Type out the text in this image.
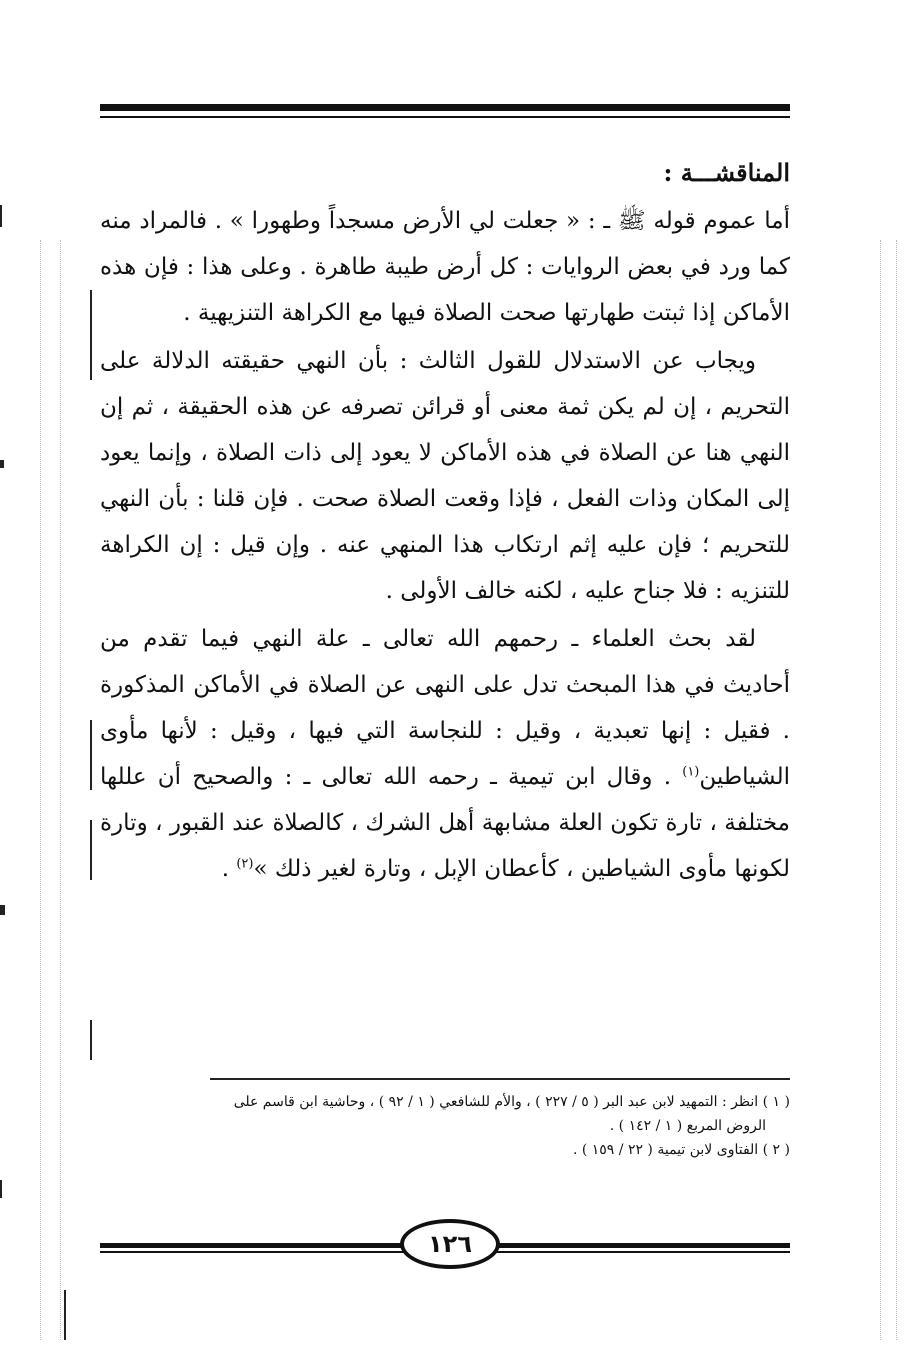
المناقشـــة :

أما عموم قوله ﷺ ـ : « جعلت لي الأرض مسجداً وطهورا » . فالمراد منه كما ورد في بعض الروايات : كل أرض طيبة طاهرة . وعلى هذا : فإن هذه الأماكن إذا ثبتت طهارتها صحت الصلاة فيها مع الكراهة التنزيهية .

ويجاب عن الاستدلال للقول الثالث : بأن النهي حقيقته الدلالة على التحريم ، إن لم يكن ثمة معنى أو قرائن تصرفه عن هذه الحقيقة ، ثم إن النهي هنا عن الصلاة في هذه الأماكن لا يعود إلى ذات الصلاة ، وإنما يعود إلى المكان وذات الفعل ، فإذا وقعت الصلاة صحت . فإن قلنا : بأن النهي للتحريم ؛ فإن عليه إثم ارتكاب هذا المنهي عنه . وإن قيل : إن الكراهة للتنزيه : فلا جناح عليه ، لكنه خالف الأولى .

لقد بحث العلماء ـ رحمهم الله تعالى ـ علة النهي فيما تقدم من أحاديث في هذا المبحث تدل على النهى عن الصلاة في الأماكن المذكورة . فقيل : إنها تعبدية ، وقيل : للنجاسة التي فيها ، وقيل : لأنها مأوى الشياطين$^{(١)}$ . وقال ابن تيمية ـ رحمه الله تعالى ـ : والصحيح أن عللها مختلفة ، تارة تكون العلة مشابهة أهل الشرك ، كالصلاة عند القبور ، وتارة لكونها مأوى الشياطين ، كأعطان الإبل ، وتارة لغير ذلك »$^{(٢)}$ .

( ١ ) انظر : التمهيد لابن عبد البر ( ٥ / ٢٢٧ ) ، والأم للشافعي ( ١ / ٩٢ ) ، وحاشية ابن قاسم على

الروض المربع ( ١ / ١٤٢ ) .

( ٢ ) الفتاوى لابن تيمية ( ٢٢ / ١٥٩ ) .

١٢٦
